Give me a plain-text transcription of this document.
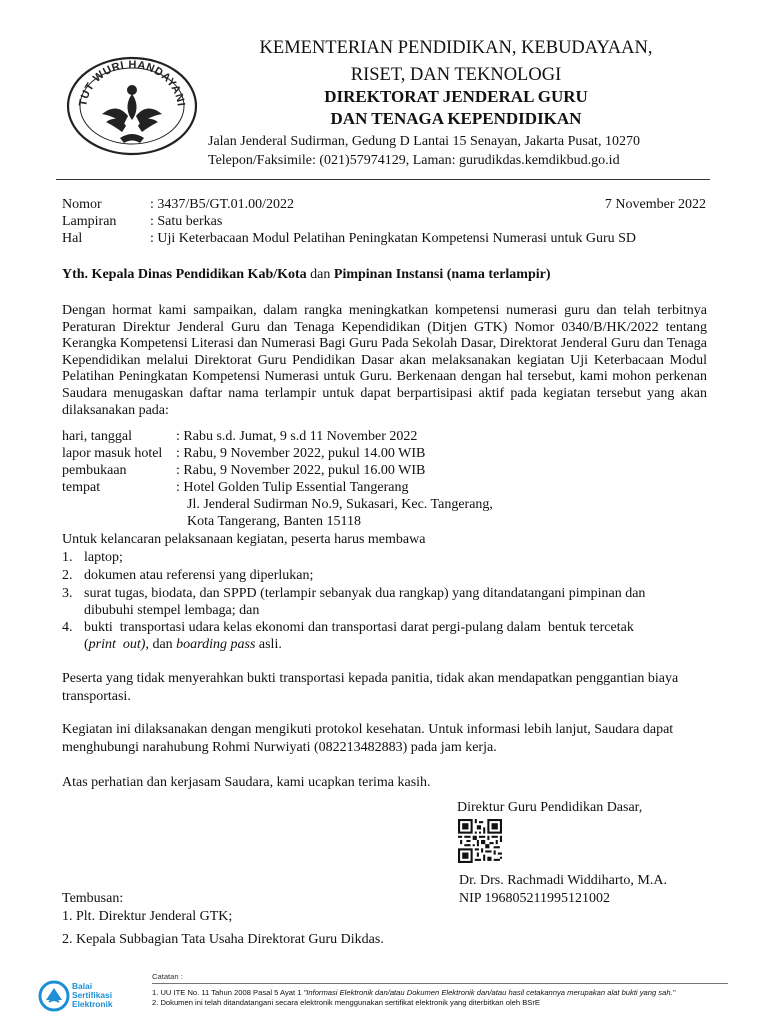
TUT WURI HANDAYANI
KEMENTERIAN PENDIDIKAN, KEBUDAYAAN,
RISET, DAN TEKNOLOGI
DIREKTORAT JENDERAL GURU
DAN TENAGA KEPENDIDIKAN
Jalan Jenderal Sudirman, Gedung D Lantai 15 Senayan, Jakarta Pusat, 10270
Telepon/Faksimile: (021)57974129, Laman: gurudikdas.kemdikbud.go.id
Nomor	: 3437/B5/GT.01.00/2022	7 November 2022
Lampiran : Satu berkas
Hal	: Uji Keterbacaan Modul Pelatihan Peningkatan Kompetensi Numerasi untuk Guru SD
Yth. Kepala Dinas Pendidikan Kab/Kota dan Pimpinan Instansi (nama terlampir)
Dengan hormat kami sampaikan, dalam rangka meningkatkan kompetensi numerasi guru dan telah terbitnya Peraturan Direktur Jenderal Guru dan Tenaga Kependidikan (Ditjen GTK) Nomor 0340/B/HK/2022 tentang Kerangka Kompetensi Literasi dan Numerasi Bagi Guru Pada Sekolah Dasar, Direktorat Jenderal Guru dan Tenaga Kependidikan melalui Direktorat Guru Pendidikan Dasar akan melaksanakan kegiatan Uji Keterbacaan Modul Pelatihan Peningkatan Kompetensi Numerasi untuk Guru. Berkenaan dengan hal tersebut, kami mohon perkenan Saudara menugaskan daftar nama terlampir untuk dapat berpartisipasi aktif pada kegiatan tersebut yang akan dilaksanakan pada:
hari, tanggal	: Rabu s.d. Jumat, 9 s.d 11 November 2022
lapor masuk hotel : Rabu, 9 November 2022, pukul 14.00 WIB
pembukaan	: Rabu, 9 November 2022, pukul 16.00 WIB
tempat	: Hotel Golden Tulip Essential Tangerang
Jl. Jenderal Sudirman No.9, Sukasari, Kec. Tangerang,
Kota Tangerang, Banten 15118
Untuk kelancaran pelaksanaan kegiatan, peserta harus membawa
1. laptop;
2. dokumen atau referensi yang diperlukan;
3. surat tugas, biodata, dan SPPD (terlampir sebanyak dua rangkap) yang ditandatangani pimpinan dan
dibubuhi stempel lembaga; dan
4. bukti  transportasi udara kelas ekonomi dan transportasi darat pergi-pulang dalam  bentuk tercetak
(print  out), dan boarding pass asli.
Peserta yang tidak menyerahkan bukti transportasi kepada panitia, tidak akan mendapatkan penggantian biaya transportasi.
Kegiatan ini dilaksanakan dengan mengikuti protokol kesehatan. Untuk informasi lebih lanjut, Saudara dapat menghubungi narahubung Rohmi Nurwiyati (082213482883) pada jam kerja.
Atas perhatian dan kerjasam Saudara, kami ucapkan terima kasih.
Direktur Guru Pendidikan Dasar,
Dr. Drs. Rachmadi Widdiharto, M.A.
NIP 196805211995121002
Tembusan:
1. Plt. Direktur Jenderal GTK;
2. Kepala Subbagian Tata Usaha Direktorat Guru Dikdas.
Balai
Sertifikasi
Elektronik
Catatan :
1. UU ITE No. 11 Tahun 2008 Pasal 5 Ayat 1 "Informasi Elektronik dan/atau Dokumen Elektronik dan/atau hasil cetakannya merupakan alat bukti yang sah."
2. Dokumen ini telah ditandatangani secara elektronik menggunakan sertifikat elektronik yang diterbitkan oleh BSrE
